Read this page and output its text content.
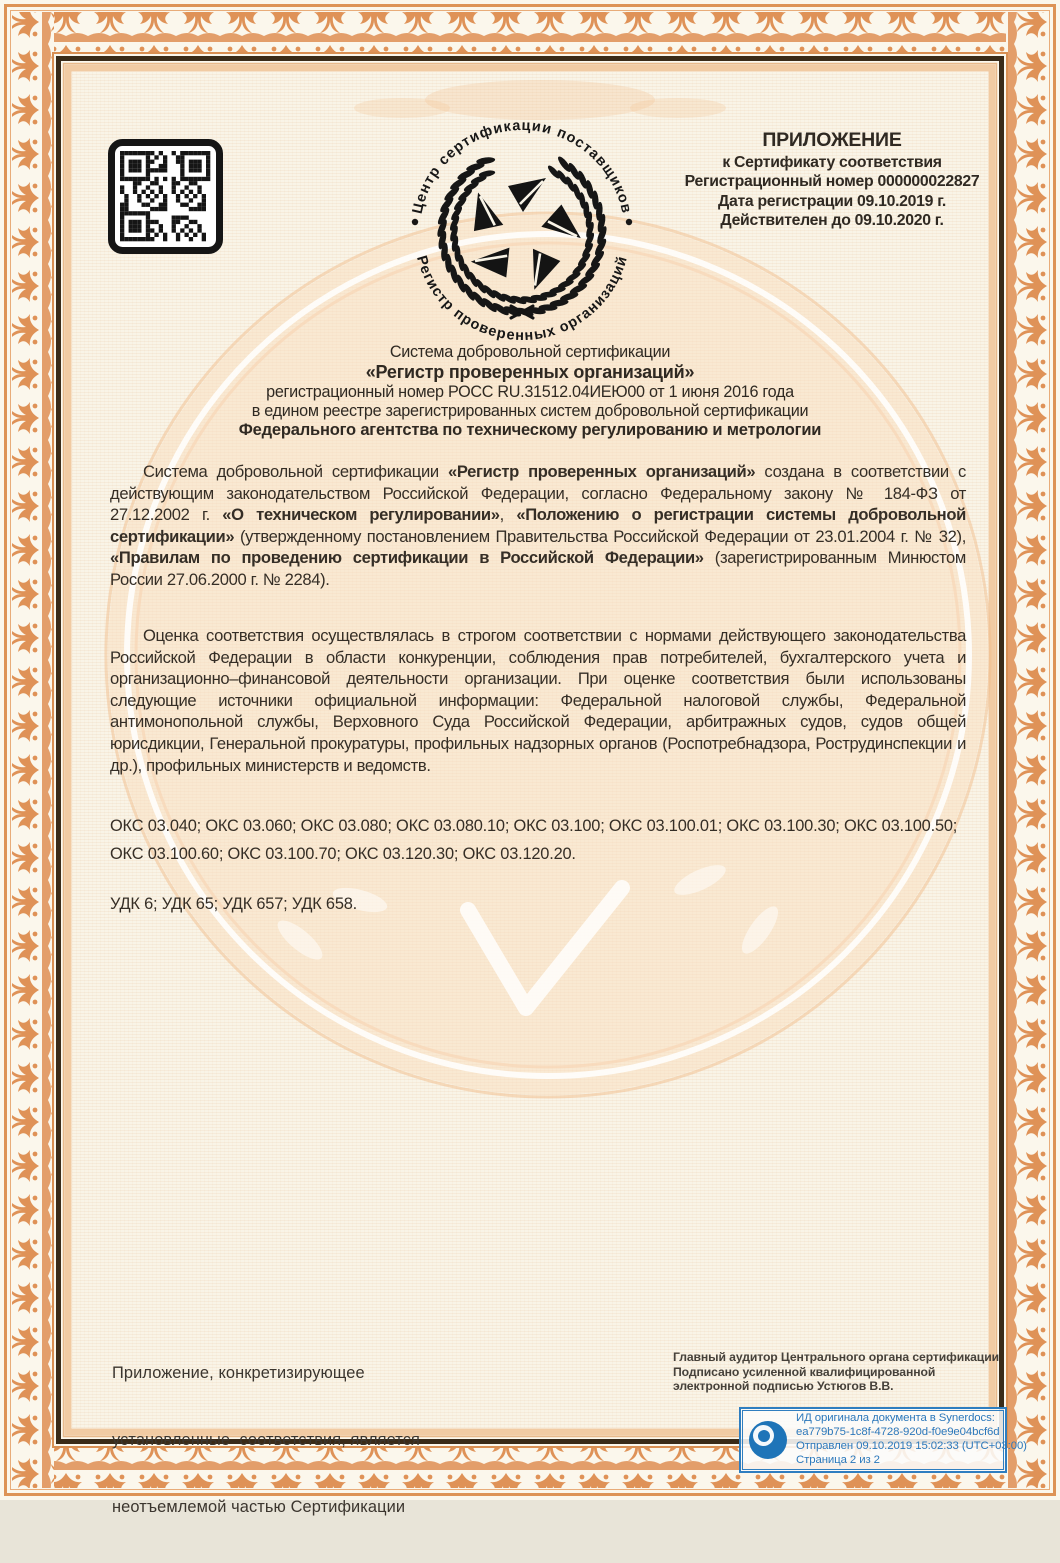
Центр сертификации поставщиков
Регистр проверенных организаций
ПРИЛОЖЕНИЕ
к Сертификату соответствия
Регистрационный номер 000000022827
Дата регистрации 09.10.2019 г.
Действителен до 09.10.2020 г.
Система добровольной сертификации
«Регистр проверенных организаций»
регистрационный номер РОСС RU.31512.04ИЕЮ00 от 1 июня 2016 года
в едином реестре зарегистрированных систем добровольной сертификации
Федерального агентства по техническому регулированию и метрологии
Система добровольной сертификации «Регистр проверенных организаций» создана в соответствии с действующим законодательством Российской Федерации, согласно Федеральному закону № 184-ФЗ от 27.12.2002 г. «О техническом регулировании», «Положению о регистрации системы добровольной сертификации» (утвержденному постановлением Правительства Российской Федерации от 23.01.2004 г. № 32), «Правилам по проведению сертификации в Российской Федерации» (зарегистрированным Минюстом России 27.06.2000 г. № 2284).
Оценка соответствия осуществлялась в строгом соответствии с нормами действующего законодательства Российской Федерации в области конкуренции, соблюдения прав потребителей, бухгалтерского учета и организационно–финансовой деятельности организации. При оценке соответствия были использованы следующие источники официальной информации: Федеральной налоговой службы, Федеральной антимонопольной службы, Верховного Суда Российской Федерации, арбитражных судов, судов общей юрисдикции, Генеральной прокуратуры, профильных надзорных органов (Роспотребнадзора, Рострудинспекции и др.), профильных министерств и ведомств.
ОКС 03.040; ОКС 03.060; ОКС 03.080; ОКС 03.080.10; ОКС 03.100; ОКС 03.100.01; ОКС 03.100.30; ОКС 03.100.50; ОКС 03.100.60; ОКС 03.100.70; ОКС 03.120.30; ОКС 03.120.20.
УДК 6; УДК 65; УДК 657; УДК 658.

Приложение, конкретизирующее

установленные  соответствия, является

неотъемлемой частью Сертификации

Главный аудитор Центрального органа сертификации
Подписано усиленной квалифицированной
электронной подписью Устюгов В.В.
ИД оригинала документа в Synerdocs:
ea779b75-1c8f-4728-920d-f0e9e04bcf6d
Отправлен 09.10.2019 15:02:33 (UTC+03:00)
Страница 2 из 2
